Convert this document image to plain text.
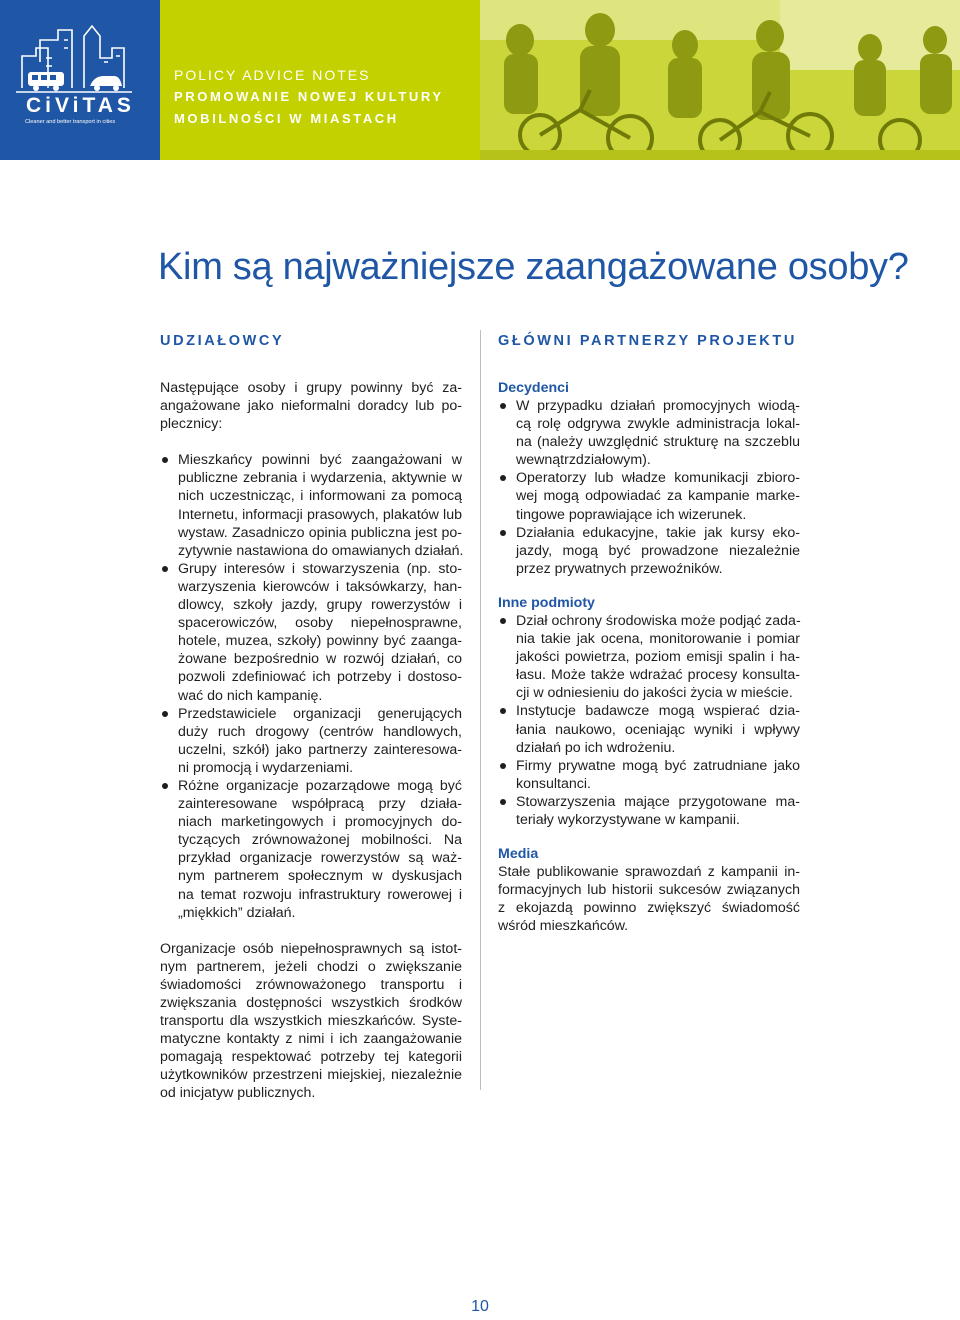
CiViTAS
Cleaner and better transport in cities
POLICY ADVICE NOTES
PROMOWANIE NOWEJ KULTURY
MOBILNOŚCI W MIASTACH
Kim są najważniejsze zaangażowane osoby?
UDZIAŁOWCY
Następujące osoby i grupy powinny być za-
angażowane jako nieformalni doradcy lub po-
plecznicy:
Mieszkańcy powinni być zaangażowani w
publiczne zebrania i wydarzenia, aktywnie w
nich uczestnicząc, i informowani za pomocą
Internetu, informacji prasowych, plakatów lub
wystaw. Zasadniczo opinia publiczna jest po-
zytywnie nastawiona do omawianych działań.
Grupy interesów i stowarzyszenia (np. sto-
warzyszenia kierowców i taksówkarzy, han-
dlowcy, szkoły jazdy, grupy rowerzystów i
spacerowiczów, osoby niepełnosprawne,
hotele, muzea, szkoły) powinny być zaanga-
żowane bezpośrednio w rozwój działań, co
pozwoli zdefiniować ich potrzeby i dostoso-
wać do nich kampanię.
Przedstawiciele organizacji generujących
duży ruch drogowy (centrów handlowych,
uczelni, szkół) jako partnerzy zainteresowa-
ni promocją i wydarzeniami.
Różne organizacje pozarządowe mogą być
zainteresowane współpracą przy działa-
niach marketingowych i promocyjnych do-
tyczących zrównoważonej mobilności. Na
przykład organizacje rowerzystów są waż-
nym partnerem społecznym w dyskusjach
na temat rozwoju infrastruktury rowerowej i
„miękkich” działań.
Organizacje osób niepełnosprawnych są istot-
nym partnerem, jeżeli chodzi o zwiększanie
świadomości zrównoważonego transportu i
zwiększania dostępności wszystkich środków
transportu dla wszystkich mieszkańców. Syste-
matyczne kontakty z nimi i ich zaangażowanie
pomagają respektować potrzeby tej kategorii
użytkowników przestrzeni miejskiej, niezależnie
od inicjatyw publicznych.
GŁÓWNI PARTNERZY PROJEKTU

Decydenci

W przypadku działań promocyjnych wiodą-
cą rolę odgrywa zwykle administracja lokal-
na (należy uwzględnić strukturę na szczeblu
wewnątrzdziałowym).
Operatorzy lub władze komunikacji zbioro-
wej mogą odpowiadać za kampanie marke-
tingowe poprawiające ich wizerunek.
Działania edukacyjne, takie jak kursy eko-
jazdy, mogą być prowadzone niezależnie
przez prywatnych przewoźników.

Inne podmioty

Dział ochrony środowiska może podjąć zada-
nia takie jak ocena, monitorowanie i pomiar
jakości powietrza, poziom emisji spalin i ha-
łasu. Może także wdrażać procesy konsulta-
cji w odniesieniu do jakości życia w mieście.
Instytucje badawcze mogą wspierać dzia-
łania naukowo, oceniając wyniki i wpływy
działań po ich wdrożeniu.
Firmy prywatne mogą być zatrudniane jako
konsultanci.
Stowarzyszenia mające przygotowane ma-
teriały wykorzystywane w kampanii.

Media

Stałe publikowanie sprawozdań z kampanii in-
formacyjnych lub historii sukcesów związanych
z ekojazdą powinno zwiększyć świadomość
wśród mieszkańców.
10
